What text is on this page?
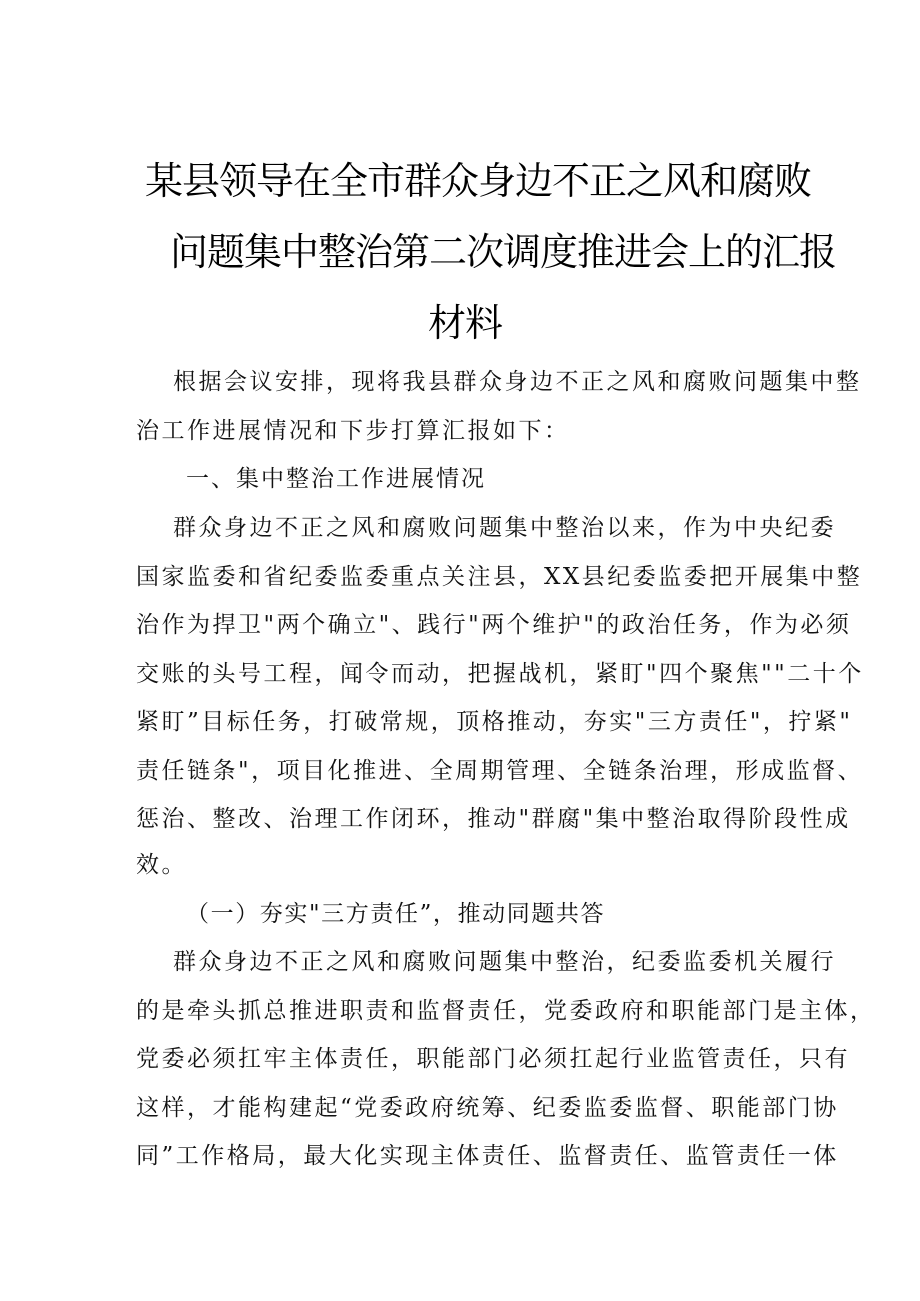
某县领导在全市群众身边不正之风和腐败
问题集中整治第二次调度推进会上的汇报
材料
根据会议安排，现将我县群众身边不正之风和腐败问题集中整
治工作进展情况和下步打算汇报如下：
一、集中整治工作进展情况
群众身边不正之风和腐败问题集中整治以来，作为中央纪委
国家监委和省纪委监委重点关注县，XX县纪委监委把开展集中整
治作为捍卫"两个确立"、践行"两个维护"的政治任务，作为必须
交账的头号工程，闻令而动，把握战机，紧盯"四个聚焦""二十个
紧盯”目标任务，打破常规，顶格推动，夯实"三方责任"，拧紧"
责任链条"，项目化推进、全周期管理、全链条治理，形成监督、
惩治、整改、治理工作闭环，推动"群腐"集中整治取得阶段性成
效。
（一）夯实"三方责任”，推动同题共答
群众身边不正之风和腐败问题集中整治，纪委监委机关履行
的是牵头抓总推进职责和监督责任，党委政府和职能部门是主体，
党委必须扛牢主体责任，职能部门必须扛起行业监管责任，只有
这样，才能构建起“党委政府统筹、纪委监委监督、职能部门协
同”工作格局，最大化实现主体责任、监督责任、监管责任一体
